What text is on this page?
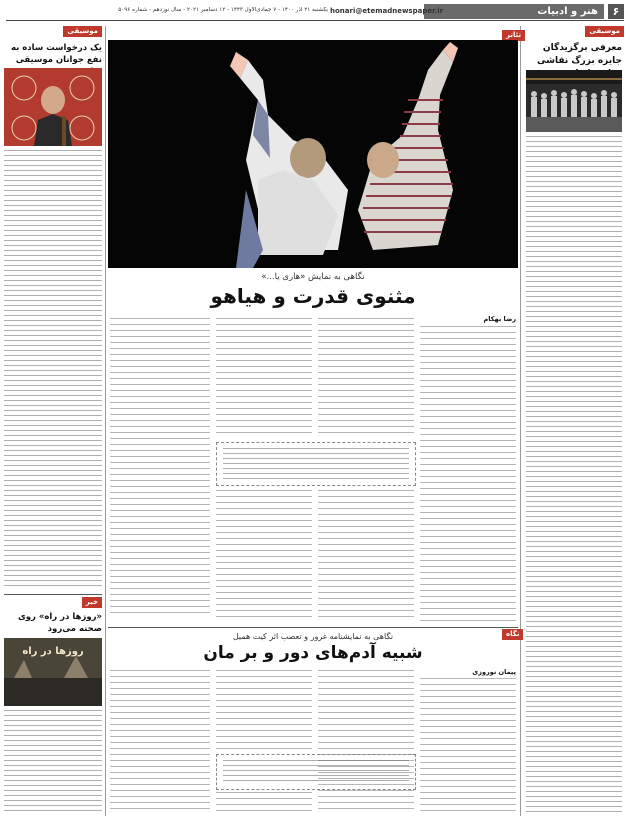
۶
هنر و ادبیات
honari@etemadnewspaper.ir
یکشنبه ۲۱ آذر ۱۴۰۰ - ۷ جمادی‌الاول ۱۴۴۳ - ۱۲ دسامبر ۲۰۲۱ - سال نوزدهم - شماره ۵۰۹۶
موسیقی
معرفی برگزیدگان جایزه بزرگ نقاشی
تئاتر
نگاهی به نمایش «هاری یا...»
مثنوی قدرت و هیاهو
رضا بهکام
نگاه
نگاهی به نمایشنامه غرور و تعصب اثر کیت همیل
شبیه آدم‌های دور و بر مان
پیمان نوروزی
موسیقی
یک درخواست ساده به نفع جوانان موسیقی
خبر
«روزها در راه» روی صحنه می‌رود
روزها در راه
